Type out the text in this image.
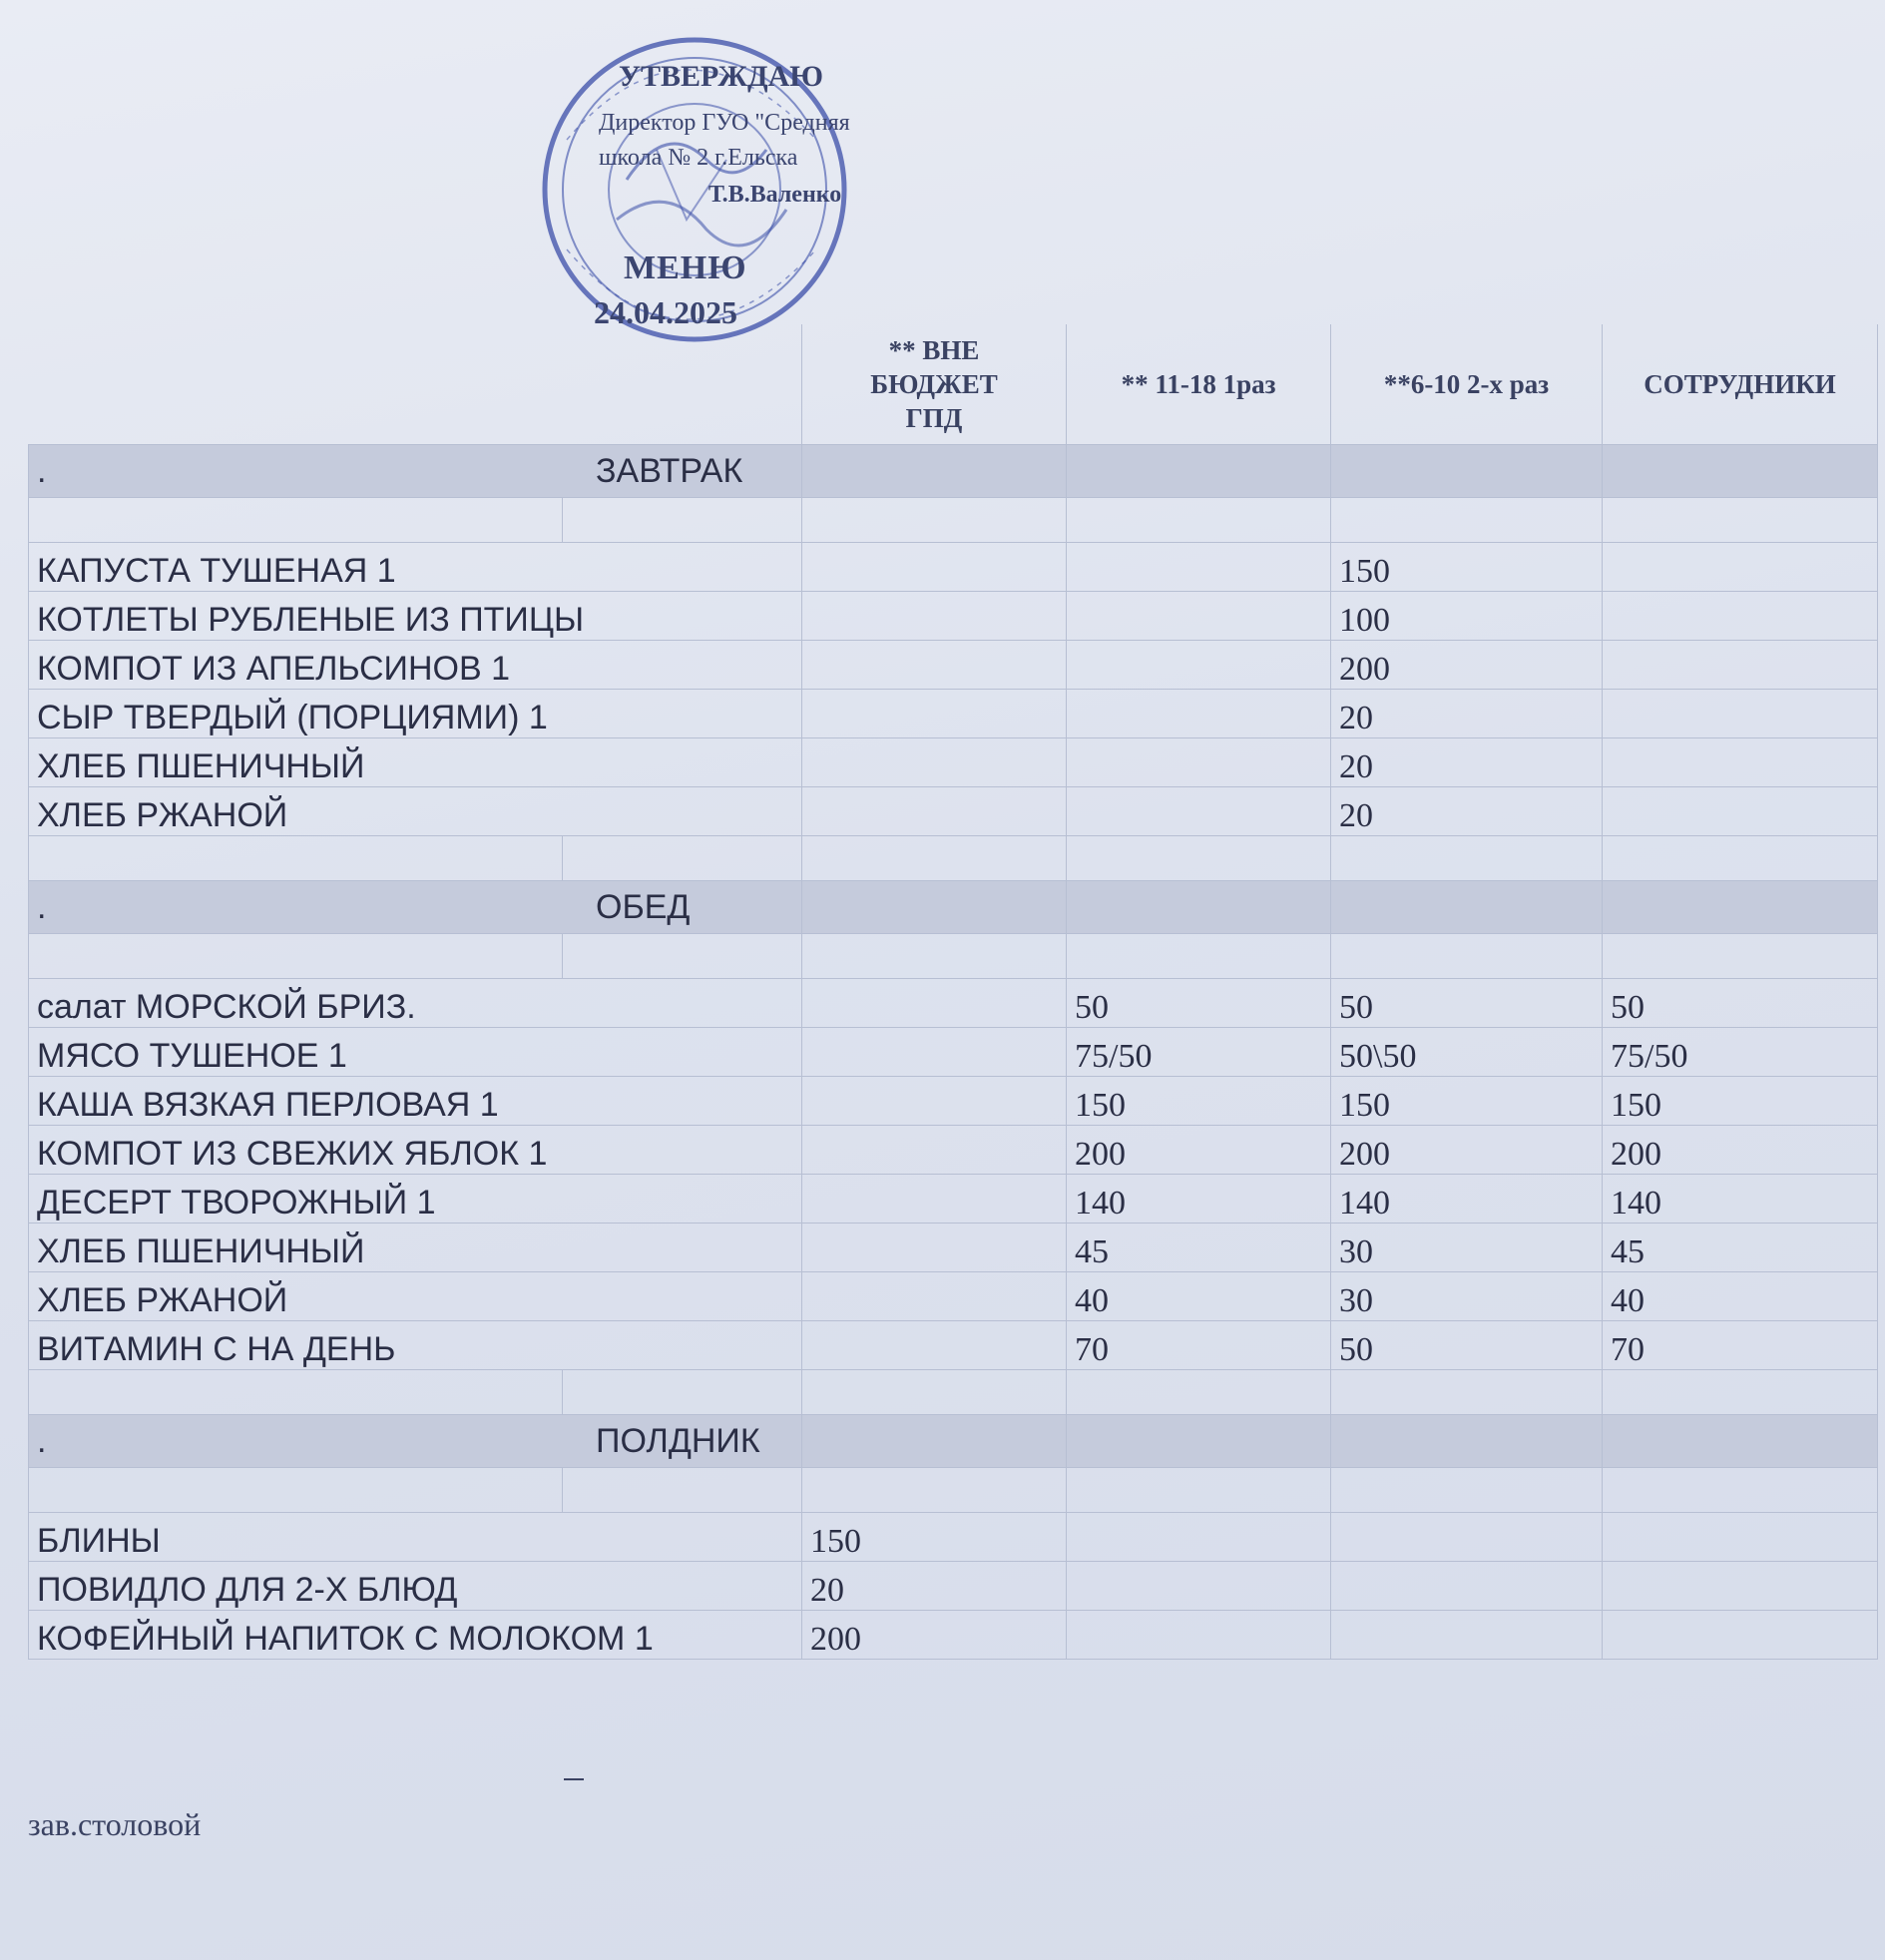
УТВЕРЖДАЮ
Директор ГУО "Средняя
школа № 2 г.Ельска
Т.В.Валенко
МЕНЮ
24.04.2025
		** ВНЕ БЮДЖЕТ ГПД	** 11-18 1раз	**6-10 2-х раз	СОТРУДНИКИ
. ЗАВТРАК					

КАПУСТА ТУШЕНАЯ 1				150	
КОТЛЕТЫ РУБЛЕНЫЕ ИЗ ПТИЦЫ				100	
КОМПОТ ИЗ АПЕЛЬСИНОВ 1				200	
СЫР ТВЕРДЫЙ (ПОРЦИЯМИ) 1				20	
ХЛЕБ ПШЕНИЧНЫЙ				20	
ХЛЕБ РЖАНОЙ				20	

. ОБЕД					

салат МОРСКОЙ БРИЗ.			50	50	50
МЯСО ТУШЕНОЕ 1			75/50	50\50	75/50
КАША ВЯЗКАЯ ПЕРЛОВАЯ 1			150	150	150
КОМПОТ ИЗ СВЕЖИХ ЯБЛОК 1			200	200	200
ДЕСЕРТ ТВОРОЖНЫЙ 1			140	140	140
ХЛЕБ ПШЕНИЧНЫЙ			45	30	45
ХЛЕБ РЖАНОЙ			40	30	40
ВИТАМИН С НА ДЕНЬ			70	50	70

. ПОЛДНИК					

БЛИНЫ		150			
ПОВИДЛО ДЛЯ 2-Х БЛЮД		20			
КОФЕЙНЫЙ НАПИТОК С МОЛОКОМ 1		200			
зав.столовой
